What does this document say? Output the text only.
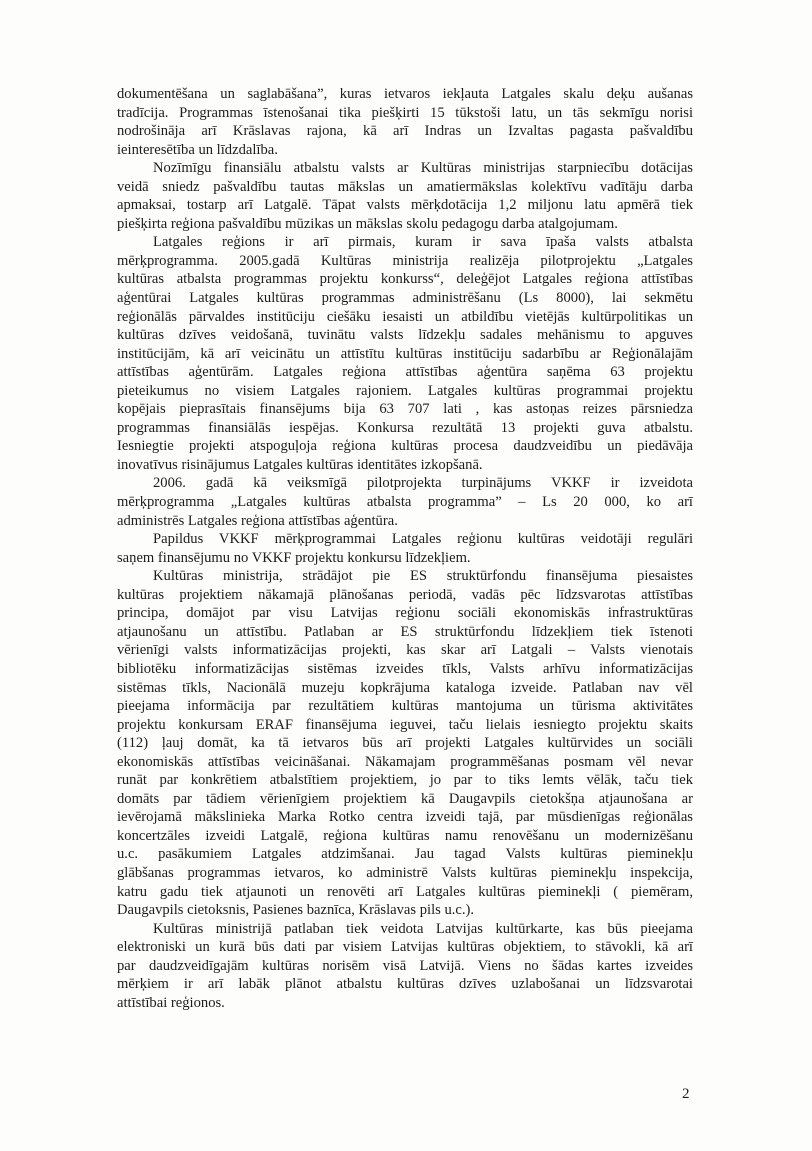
dokumentēšana un saglabāšana”, kuras ietvaros iekļauta Latgales skalu deķu aušanas
tradīcija. Programmas īstenošanai tika piešķirti 15 tūkstoši latu, un tās sekmīgu norisi
nodrošināja arī Krāslavas rajona, kā arī Indras un Izvaltas pagasta pašvaldību
ieinteresētība un līdzdalība.
Nozīmīgu finansiālu atbalstu valsts ar Kultūras ministrijas starpniecību dotācijas
veidā sniedz pašvaldību tautas mākslas un amatiermākslas kolektīvu vadītāju darba
apmaksai, tostarp arī Latgalē. Tāpat valsts mērķdotācija 1,2 miljonu latu apmērā tiek
piešķirta reģiona pašvaldību mūzikas un mākslas skolu pedagogu darba atalgojumam.
Latgales reģions ir arī pirmais, kuram ir sava īpaša valsts atbalsta
mērķprogramma. 2005.gadā Kultūras ministrija realizēja pilotprojektu „Latgales
kultūras atbalsta programmas projektu konkurss“, deleģējot Latgales reģiona attīstības
aģentūrai Latgales kultūras programmas administrēšanu (Ls 8000), lai sekmētu
reģionālās pārvaldes institūciju ciešāku iesaisti un atbildību vietējās kultūrpolitikas un
kultūras dzīves veidošanā, tuvinātu valsts līdzekļu sadales mehānismu to apguves
institūcijām, kā arī veicinātu un attīstītu kultūras institūciju sadarbību ar Reģionālajām
attīstības aģentūrām. Latgales reģiona attīstības aģentūra saņēma 63 projektu
pieteikumus no visiem Latgales rajoniem. Latgales kultūras programmai projektu
kopējais pieprasītais finansējums bija 63 707 lati , kas astoņas reizes pārsniedza
programmas finansiālās iespējas. Konkursa rezultātā 13 projekti guva atbalstu.
Iesniegtie projekti atspoguļoja reģiona kultūras procesa daudzveidību un piedāvāja
inovatīvus risinājumus Latgales kultūras identitātes izkopšanā.
2006. gadā kā veiksmīgā pilotprojekta turpinājums VKKF ir izveidota
mērķprogramma „Latgales kultūras atbalsta programma” – Ls 20 000, ko arī
administrēs Latgales reģiona attīstības aģentūra.
Papildus VKKF mērķprogrammai Latgales reģionu kultūras veidotāji regulāri
saņem finansējumu no VKKF projektu konkursu līdzekļiem.
Kultūras ministrija, strādājot pie ES struktūrfondu finansējuma piesaistes
kultūras projektiem nākamajā plānošanas periodā, vadās pēc līdzsvarotas attīstības
principa, domājot par visu Latvijas reģionu sociāli ekonomiskās infrastruktūras
atjaunošanu un attīstību. Patlaban ar ES struktūrfondu līdzekļiem tiek īstenoti
vērienīgi valsts informatizācijas projekti, kas skar arī Latgali – Valsts vienotais
bibliotēku informatizācijas sistēmas izveides tīkls, Valsts arhīvu informatizācijas
sistēmas tīkls, Nacionālā muzeju kopkrājuma kataloga izveide. Patlaban nav vēl
pieejama informācija par rezultātiem kultūras mantojuma un tūrisma aktivitātes
projektu konkursam ERAF finansējuma ieguvei, taču lielais iesniegto projektu skaits
(112) ļauj domāt, ka tā ietvaros būs arī projekti Latgales kultūrvides un sociāli
ekonomiskās attīstības veicināšanai. Nākamajam programmēšanas posmam vēl nevar
runāt par konkrētiem atbalstītiem projektiem, jo par to tiks lemts vēlāk, taču tiek
domāts par tādiem vērienīgiem projektiem kā Daugavpils cietokšņa atjaunošana ar
ievērojamā mākslinieka Marka Rotko centra izveidi tajā, par mūsdienīgas reģionālas
koncertzāles izveidi Latgalē, reģiona kultūras namu renovēšanu un modernizēšanu
u.c. pasākumiem Latgales atdzimšanai. Jau tagad Valsts kultūras pieminekļu
glābšanas programmas ietvaros, ko administrē Valsts kultūras pieminekļu inspekcija,
katru gadu tiek atjaunoti un renovēti arī Latgales kultūras pieminekļi ( piemēram,
Daugavpils cietoksnis, Pasienes baznīca, Krāslavas pils u.c.).
Kultūras ministrijā patlaban tiek veidota Latvijas kultūrkarte, kas būs pieejama
elektroniski un kurā būs dati par visiem Latvijas kultūras objektiem, to stāvokli, kā arī
par daudzveidīgajām kultūras norisēm visā Latvijā. Viens no šādas kartes izveides
mērķiem ir arī labāk plānot atbalstu kultūras dzīves uzlabošanai un līdzsvarotai
attīstībai reģionos.
2
